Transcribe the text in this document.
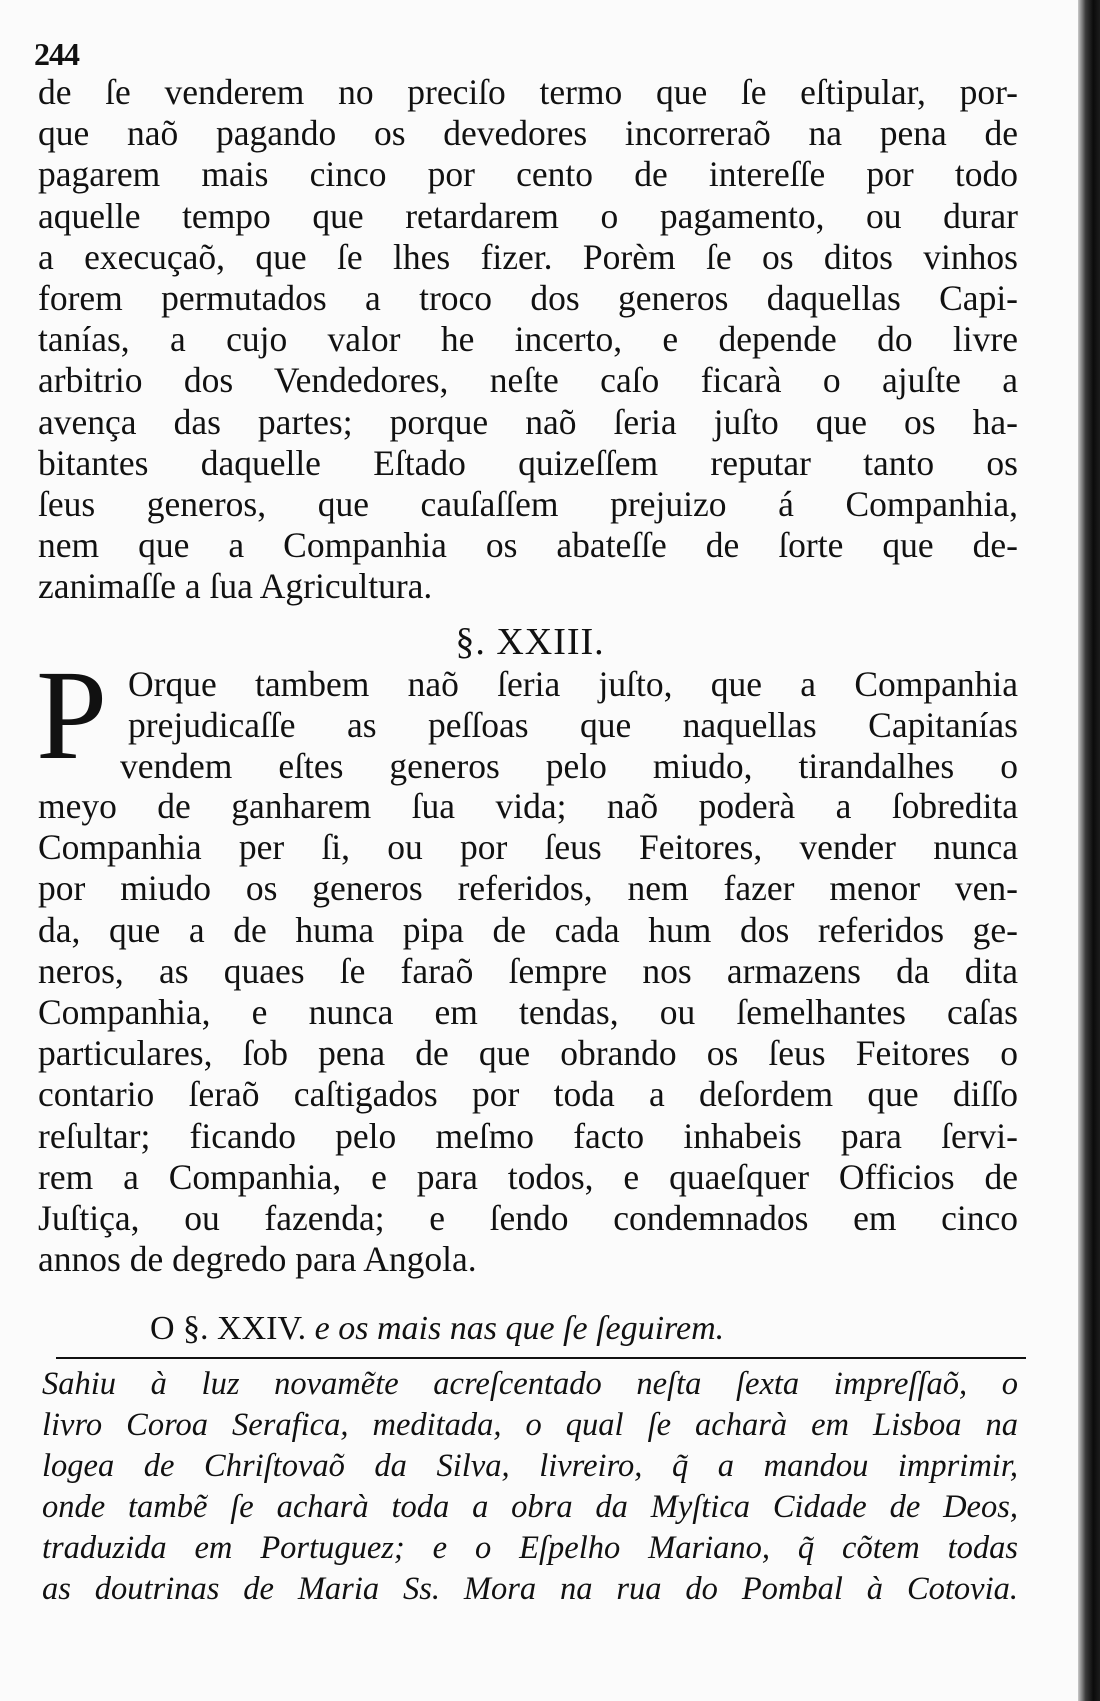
244
de ſe venderem no preciſo termo que ſe eſtipular, por-
que naõ pagando os devedores incorreraõ na pena de
pagarem mais cinco por cento de intereſſe por todo
aquelle tempo que retardarem o pagamento, ou durar
a execuçaõ, que ſe lhes fizer. Porèm ſe os ditos vinhos
forem permutados a troco dos generos daquellas Capi-
tanías, a cujo valor he incerto, e depende do livre
arbitrio dos Vendedores, neſte caſo ficarà o ajuſte a
avença das partes; porque naõ ſeria juſto que os ha-
bitantes daquelle Eſtado quizeſſem reputar tanto os
ſeus generos, que cauſaſſem prejuizo á Companhia,
nem que a Companhia os abateſſe de ſorte que de-
zanimaſſe a ſua Agricultura.
§. XXIII.
P Orque tambem naõ ſeria juſto, que a Companhia
prejudicaſſe as peſſoas que naquellas Capitanías
vendem eſtes generos pelo miudo, tirandalhes o
meyo de ganharem ſua vida; naõ poderà a ſobredita
Companhia per ſi, ou por ſeus Feitores, vender nunca
por miudo os generos referidos, nem fazer menor ven-
da, que a de huma pipa de cada hum dos referidos ge-
neros, as quaes ſe faraõ ſempre nos armazens da dita
Companhia, e nunca em tendas, ou ſemelhantes caſas
particulares, ſob pena de que obrando os ſeus Feitores o
contario ſeraõ caſtigados por toda a deſordem que diſſo
reſultar; ficando pelo meſmo facto inhabeis para ſervi-
rem a Companhia, e para todos, e quaeſquer Officios de
Juſtiça, ou fazenda; e ſendo condemnados em cinco
annos de degredo para Angola.
O §. XXIV. e os mais nas que ſe ſeguirem.
Sahiu à luz novamẽte acreſcentado neſta ſexta impreſſaõ, o
livro Coroa Serafica, meditada, o qual ſe acharà em Lisboa na
logea de Chriſtovaõ da Silva, livreiro, q̃ a mandou imprimir,
onde tambẽ ſe acharà toda a obra da Myſtica Cidade de Deos,
traduzida em Portuguez; e o Eſpelho Mariano, q̃ cõtem todas
as doutrinas de Maria Ss. Mora na rua do Pombal à Cotovia.
